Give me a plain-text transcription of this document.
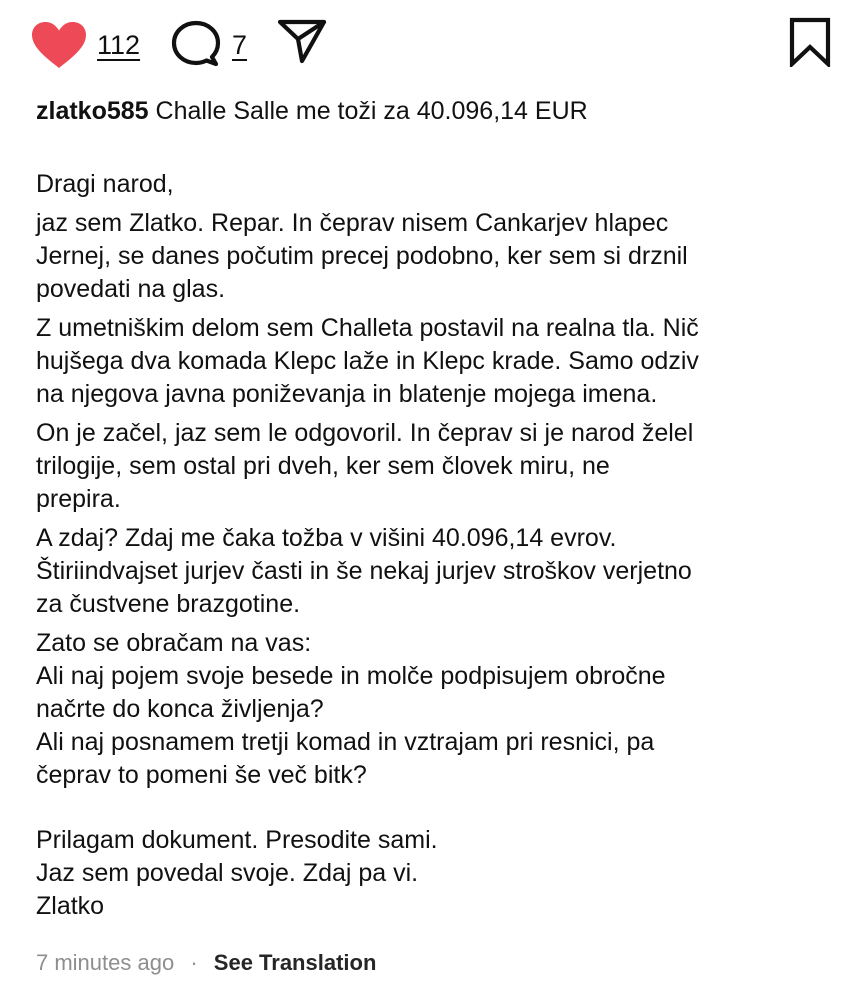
112	7

zlatko585 Challe Salle me toži za 40.096,14 EUR

Dragi narod,

jaz sem Zlatko. Repar. In čeprav nisem Cankarjev hlapec
Jernej, se danes počutim precej podobno, ker sem si drznil
povedati na glas.

Z umetniškim delom sem Challeta postavil na realna tla. Nič
hujšega dva komada Klepc laže in Klepc krade. Samo odziv
na njegova javna poniževanja in blatenje mojega imena.

On je začel, jaz sem le odgovoril. In čeprav si je narod želel
trilogije, sem ostal pri dveh, ker sem človek miru, ne
prepira.

A zdaj? Zdaj me čaka tožba v višini 40.096,14 evrov.
Štiriindvajset jurjev časti in še nekaj jurjev stroškov verjetno
za čustvene brazgotine.

Zato se obračam na vas:
Ali naj pojem svoje besede in molče podpisujem obročne
načrte do konca življenja?
Ali naj posnamem tretji komad in vztrajam pri resnici, pa
čeprav to pomeni še več bitk?

Prilagam dokument. Presodite sami.
Jaz sem povedal svoje. Zdaj pa vi.
Zlatko

7 minutes ago · See Translation
